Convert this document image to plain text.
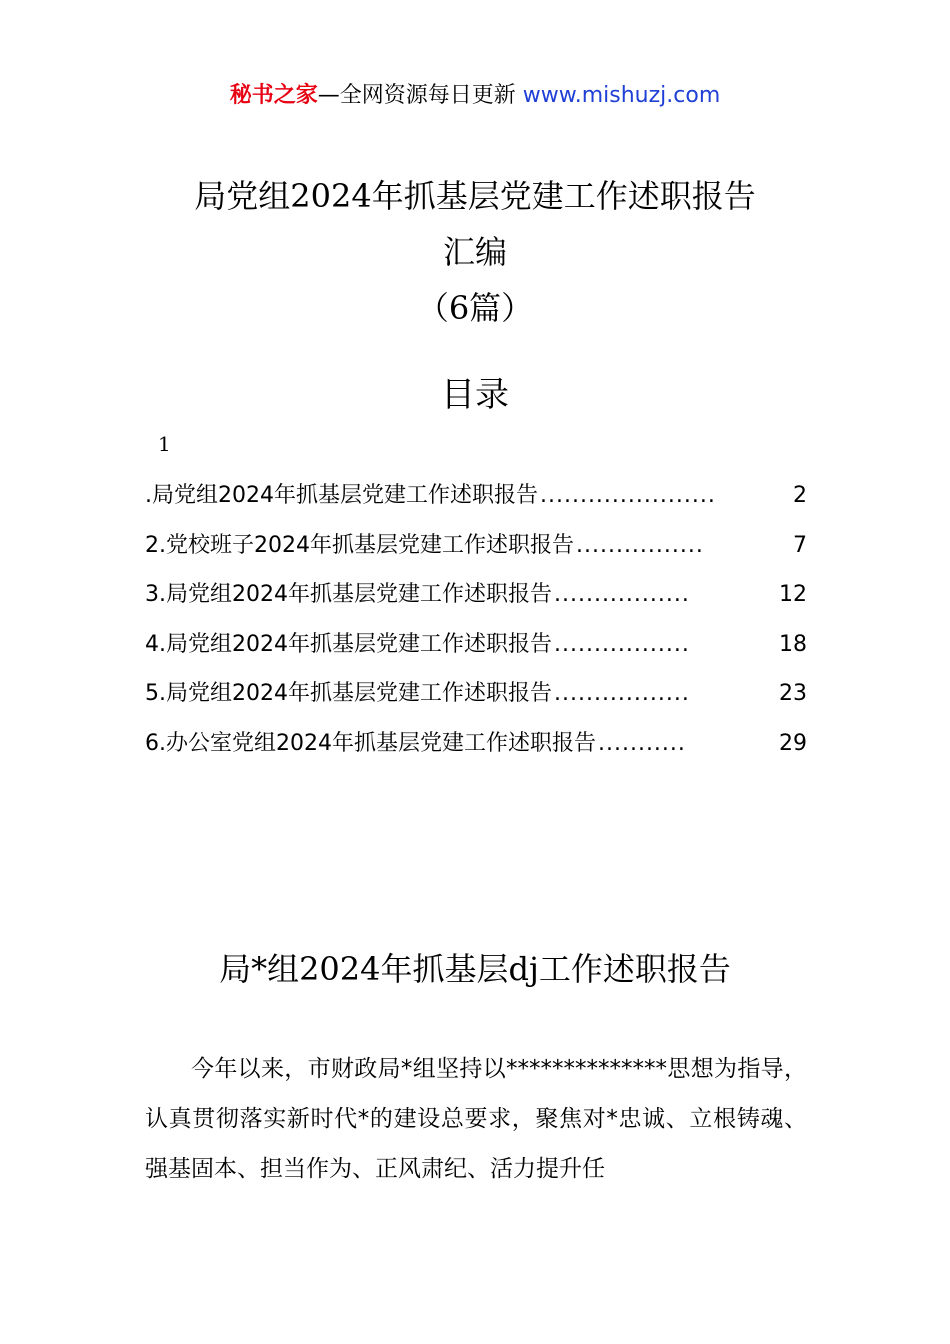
秘书之家—全网资源每日更新 www.mishuzj.com
局党组2024年抓基层党建工作述职报告
汇编
（6篇）
目录
1
.局党组2024年抓基层党建工作述职报告 ......................	2
2.党校班子2024年抓基层党建工作述职报告 ................	7
3.局党组2024年抓基层党建工作述职报告 .................	12
4.局党组2024年抓基层党建工作述职报告 .................	18
5.局党组2024年抓基层党建工作述职报告 .................	23
6.办公室党组2024年抓基层党建工作述职报告 ...........	29
局*组2024年抓基层dj工作述职报告
今年以来，市财政局*组坚持以**************思想为指导，认真贯彻落实新时代*的建设总要求，聚焦对*忠诚、立根铸魂、强基固本、担当作为、正风肃纪、活力提升任
